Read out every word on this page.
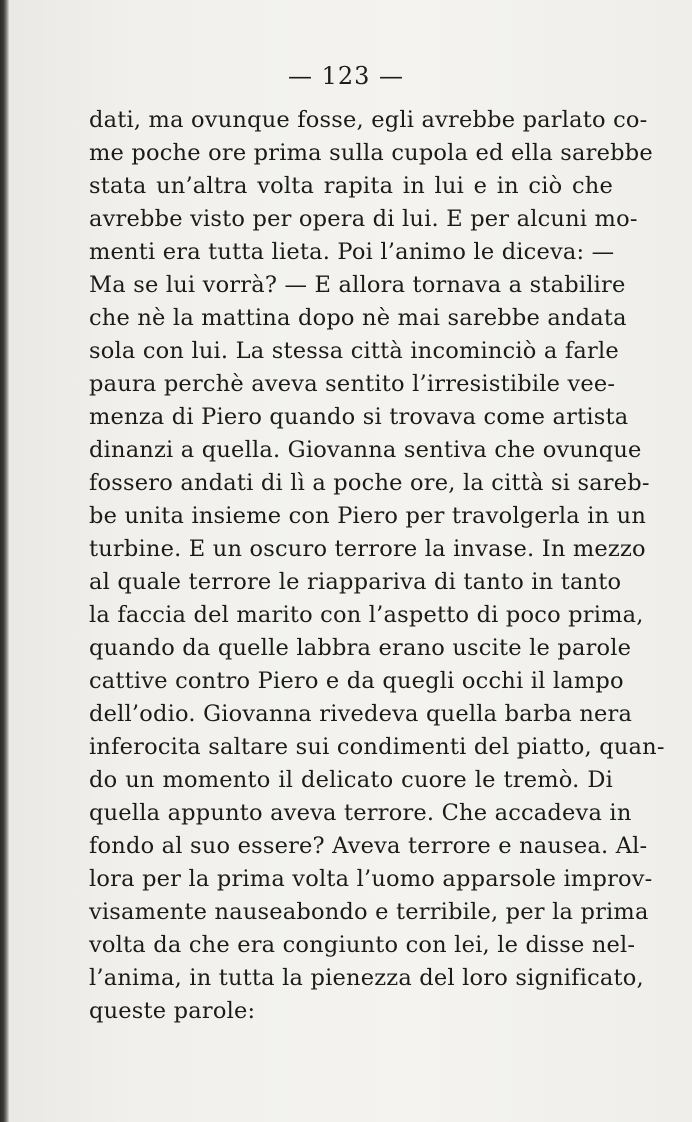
— 123 —
dati, ma ovunque fosse, egli avrebbe parlato co-
me poche ore prima sulla cupola ed ella sarebbe
stata un’altra volta rapita in lui e in ciò che
avrebbe visto per opera di lui. E per alcuni mo-
menti era tutta lieta. Poi l’animo le diceva: —
Ma se lui vorrà? — E allora tornava a stabilire
che nè la mattina dopo nè mai sarebbe andata
sola con lui. La stessa città incominciò a farle
paura perchè aveva sentito l’irresistibile vee-
menza di Piero quando si trovava come artista
dinanzi a quella. Giovanna sentiva che ovunque
fossero andati di lì a poche ore, la città si sareb-
be unita insieme con Piero per travolgerla in un
turbine. E un oscuro terrore la invase. In mezzo
al quale terrore le riappariva di tanto in tanto
la faccia del marito con l’aspetto di poco prima,
quando da quelle labbra erano uscite le parole
cattive contro Piero e da quegli occhi il lampo
dell’odio. Giovanna rivedeva quella barba nera
inferocita saltare sui condimenti del piatto, quan-
do un momento il delicato cuore le tremò. Di
quella appunto aveva terrore. Che accadeva in
fondo al suo essere? Aveva terrore e nausea. Al-
lora per la prima volta l’uomo apparsole improv-
visamente nauseabondo e terribile, per la prima
volta da che era congiunto con lei, le disse nel-
l’anima, in tutta la pienezza del loro significato,
queste parole:
